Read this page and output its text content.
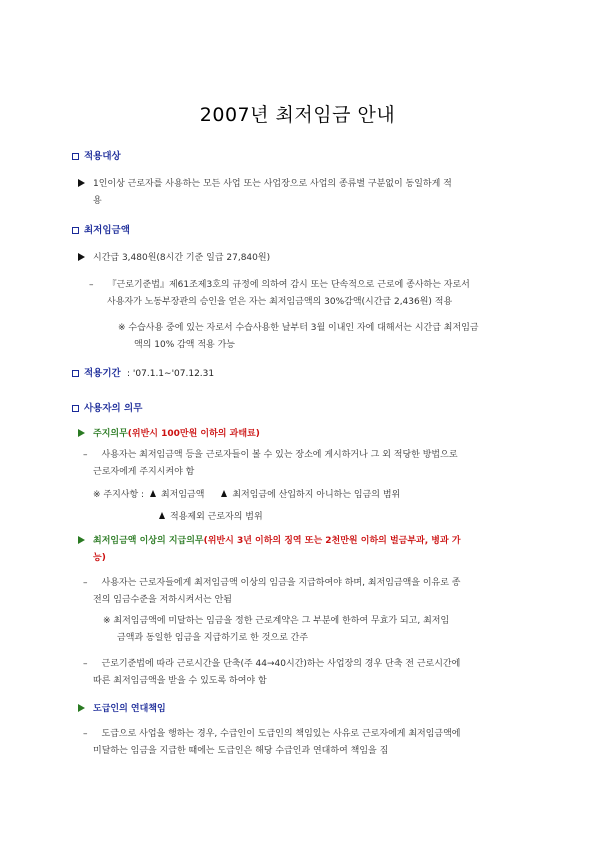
2007년 최저임금 안내
적용대상
1인이상 근로자를 사용하는 모든 사업 또는 사업장으로 사업의 종류별 구분없이 동일하게 적
용
최저임금액
시간급 3,480원(8시간 기준 일급 27,840원)
– 『근로기준법』제61조제3호의 규정에 의하여 감시 또는 단속적으로 근로에 종사하는 자로서
사용자가 노동부장관의 승인을 얻은 자는 최저임금액의 30%감액(시간급 2,436원) 적용
※ 수습사용 중에 있는 자로서 수습사용한 날부터 3월 이내인 자에 대해서는 시간급 최저임금
액의 10% 감액 적용 가능
적용기간 : '07.1.1∼'07.12.31
사용자의 의무
주지의무(위반시 100만원 이하의 과태료)
– 사용자는 최저임금액 등을 근로자들이 볼 수 있는 장소에 게시하거나 그 외 적당한 방법으로
근로자에게 주지시켜야 함
※ 주지사항 : 최저임금액	최저임금에 산입하지 아니하는 임금의 범위
적용제외 근로자의 범위
최저임금액 이상의 지급의무(위반시 3년 이하의 징역 또는 2천만원 이하의 벌금부과, 병과 가
능)
– 사용자는 근로자들에게 최저임금액 이상의 임금을 지급하여야 하며, 최저임금액을 이유로 종
전의 임금수준을 저하시켜서는 안됨
※ 최저임금액에 미달하는 임금을 정한 근로계약은 그 부분에 한하여 무효가 되고, 최저임
금액과 동일한 임금을 지급하기로 한 것으로 간주
– 근로기준법에 따라 근로시간을 단축(주 44→40시간)하는 사업장의 경우 단축 전 근로시간에
따른 최저임금액을 받을 수 있도록 하여야 함
도급인의 연대책임
– 도급으로 사업을 행하는 경우, 수급인이 도급인의 책임있는 사유로 근로자에게 최저임금액에
미달하는 임금을 지급한 때에는 도급인은 해당 수급인과 연대하여 책임을 짐
